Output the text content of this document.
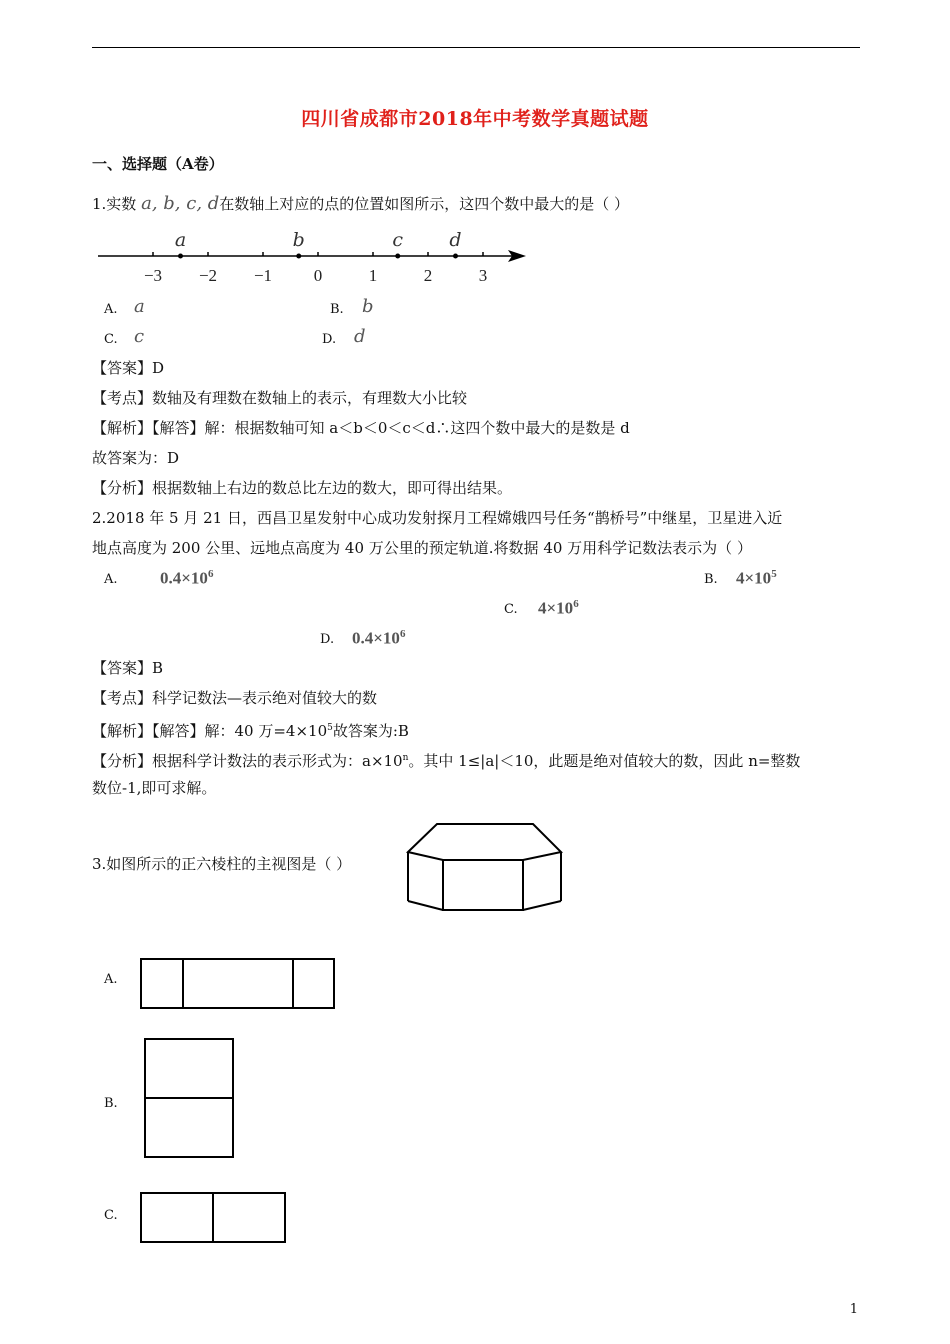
四川省成都市2018年中考数学真题试题
一、选择题（A卷）
1.实数 a, b, c, d在数轴上对应的点的位置如图所示，这四个数中最大的是（ ）
−3 −2 −1 0	1	2	3
a	b	c d
A. a	B. b
C. c	D. d
【答案】D
【考点】数轴及有理数在数轴上的表示，有理数大小比较
【解析】【解答】解：根据数轴可知 a＜b＜0＜c＜d∴这四个数中最大的是数是 d
故答案为：D
【分析】根据数轴上右边的数总比左边的数大，即可得出结果。
2.2018 年 5 月 21 日，西昌卫星发射中心成功发射探月工程嫦娥四号任务“鹊桥号”中继星，卫星进入近
地点高度为 200 公里、远地点高度为 40 万公里的预定轨道.将数据 40 万用科学记数法表示为（ ）
A. $0.4\times 10^6$	B. $4\times 10^5$
C. $4\times 10^6$
D. $0.4\times 10^6$
【答案】B
【考点】科学记数法—表示绝对值较大的数
【解析】【解答】解：40 万$=4\times 10^5$故答案为:B
【分析】根据科学计数法的表示形式为：$a\times 10^n$。其中 1≤|a|＜10，此题是绝对值较大的数，因此 n=整数
数位-1,即可求解。
3.如图所示的正六棱柱的主视图是（ ）
A.
B.
C.
1
